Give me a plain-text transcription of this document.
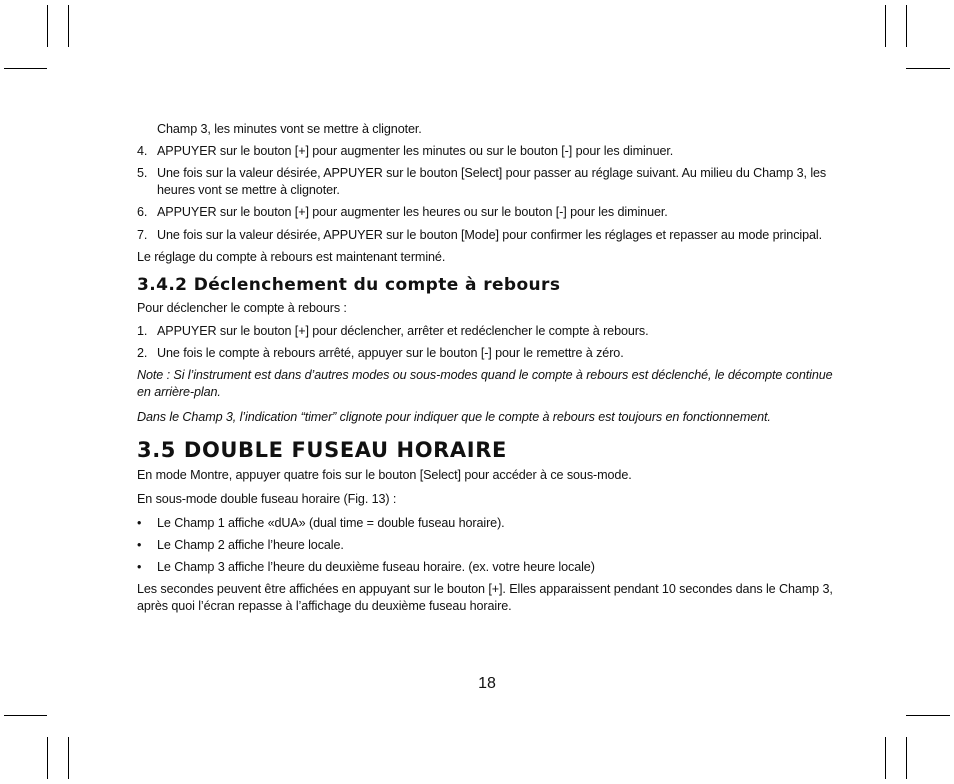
Champ 3, les minutes vont se mettre à clignoter.

4. APPUYER sur le bouton [+] pour augmenter les minutes ou sur le bouton [-] pour les diminuer.
5. Une fois sur la valeur désirée, APPUYER sur le bouton [Select] pour passer au réglage suivant. Au milieu du Champ 3, les heures vont se mettre à clignoter.
6. APPUYER sur le bouton [+] pour augmenter les heures ou sur le bouton [-] pour les diminuer.
7. Une fois sur la valeur désirée, APPUYER sur le bouton [Mode] pour confirmer les réglages et repasser au mode principal.

Le réglage du compte à rebours est maintenant terminé.

3.4.2 Déclenchement du compte à rebours

Pour déclencher le compte à rebours :

1. APPUYER sur le bouton [+] pour déclencher, arrêter et redéclencher le compte à rebours.
2. Une fois le compte à rebours arrêté, appuyer sur le bouton [-] pour le remettre à zéro.

Note : Si l’instrument est dans d’autres modes ou sous-modes quand le compte à rebours est déclenché, le décompte continue en arrière-plan.

Dans le Champ 3, l’indication “timer” clignote pour indiquer que le compte à rebours est toujours en fonctionnement.

3.5 DOUBLE FUSEAU HORAIRE

En mode Montre, appuyer quatre fois sur le bouton [Select] pour accéder à ce sous-mode.

En sous-mode double fuseau horaire (Fig. 13) :

• Le Champ 1 affiche «dUA» (dual time = double fuseau horaire).
• Le Champ 2 affiche l’heure locale.
• Le Champ 3 affiche l’heure du deuxième fuseau horaire. (ex. votre heure locale)

Les secondes peuvent être affichées en appuyant sur le bouton [+]. Elles apparaissent pendant 10 secondes dans le Champ 3, après quoi l’écran repasse à l’affichage du deuxième fuseau horaire.

18
